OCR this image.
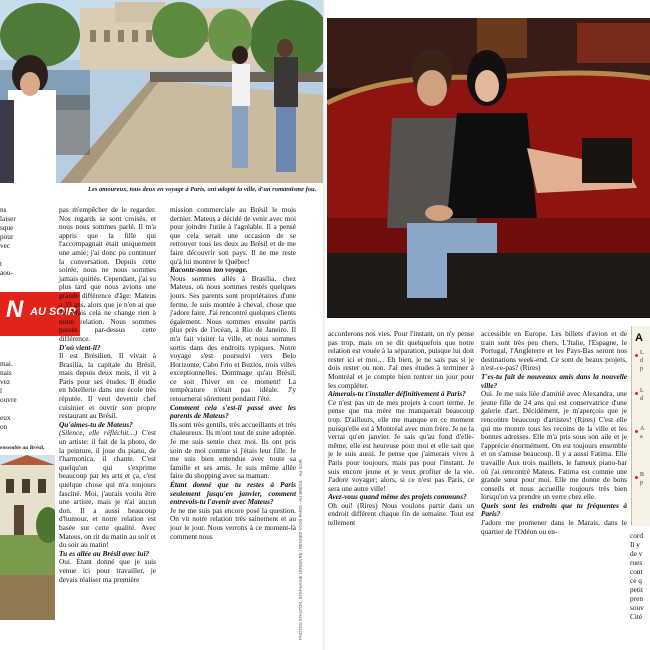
Les amoureux, tous deux en voyage à Paris, ont adopté la ville, d'un romantisme fou.
ns
laiser
sque
pour
vec
t
aou-
mai.
nais
vez
l
ouvre
eux
on
N AU SOIR
ensemble au Brésil,

pas m'empêcher de le regarder. Nos regards se sont croisés, et nous nous sommes parlé. Il m'a appris que la fille qui l'accompagnait était uniquement une amie; j'ai donc pu continuer la conversation. Depuis cette soirée, nous ne nous sommes jamais quittés. Cependant, j'ai su plus tard que nous avions une grande différence d'âge: Mateus a 33 ans, alors que je n'en ai que 20. Mais cela ne change rien à notre relation. Nous sommes passés par-dessus cette différence.

D'où vient-il?

Il est Brésilien. Il vivait à Brasília, la capitale du Brésil, mais depuis deux mois, il vit à Paris pour ses études. Il étudie en hôtellerie dans une école très réputée. Il veut devenir chef cuisinier et ouvrir son propre restaurant au Brésil.

Qu'aimes-tu de Mateus?

(Silence, elle réfléchit…) C'est un artiste: il fait de la photo, de la peinture, il joue du piano, de l'harmonica, il chante. C'est quelqu'un qui s'exprime beaucoup par les arts et ça, c'est quelque chose qui m'a toujours fasciné. Moi, j'aurais voulu être une artiste, mais je n'ai aucun don. Il a aussi beaucoup d'humour, et notre relation est basée sur cette qualité. Avec Mateus, on rit du matin au soir et du soir au matin!

Tu es allée au Brésil avec lui?

Oui. Étant donné que je suis venue ici pour travailler, je devais réaliser ma première

mission commerciale au Brésil le mois dernier. Mateus a décidé de venir avec moi pour joindre l'utile à l'agréable. Il a pensé que cela serait une occasion de se retrouver tous les deux au Brésil et de me faire découvrir son pays. Il ne me reste qu'à lui montrer le Québec!

Raconte-nous ton voyage.

Nous sommes allés à Brasília, chez Mateus, où nous sommes restés quelques jours. Ses parents sont propriétaires d'une ferme. Je suis montée à cheval, chose que j'adore faire. J'ai rencontré quelques clients également. Nous sommes ensuite partis plus près de l'océan, à Rio de Janeiro. Il m'a fait visiter la ville, et nous sommes sortis dans des endroits typiques. Notre voyage s'est poursuivi vers Belo Horizonte, Cabo Frio et Buzios, trois villes exceptionnelles. Dommage qu'au Brésil, ce soit l'hiver en ce moment! La température n'était pas idéale. J'y retournerai sûrement pendant l'été.

Comment cela s'est-il passé avec les parents de Mateus?

Ils sont très gentils, très accueillants et très chaleureux. Ils m'ont tout de suite adoptée. Je me suis sentie chez moi. Ils ont pris soin de moi comme si j'étais leur fille. Je me suis bien entendue avec toute sa famille et ses amis. Je suis même allée faire du shopping avec sa maman.

Étant donné que tu restes à Paris seulement jusqu'en janvier, comment entrevois-tu l'avenir avec Mateus?

Je ne me suis pas encore posé la question. On vit notre relation très sainement et au jour le jour. Nous verrons à ce moment-là comment nous	PHOTOS STANTON, STEPHANIE LEFEBVRE / RENDEZ-VOUS PARIS · AU BRÉSIL · AU SOIR

accorderons nos vies. Pour l'instant, on n'y pense pas trop, mais on se dit quelquefois que notre relation est vouée à la séparation, puisque lui doit rester ici et moi… Eh bien, je ne sais pas si je dois rester ou non. J'ai mes études à terminer à Montréal et je compte bien rentrer un jour pour les compléter.

Aimerais-tu t'installer définitivement à Paris?

Ce n'est pas un de mes projets à court terme. Je pense que ma mère me manquerait beaucoup trop. D'ailleurs, elle me manque en ce moment puisqu'elle est à Montréal avec mon frère. Je ne la verrai qu'en janvier. Je sais qu'au fond d'elle-même, elle est heureuse pour moi et elle sait que je le suis aussi. Je pense que j'aimerais vivre à Paris pour toujours, mais pas pour l'instant. Je suis encore jeune et je veux profiter de la vie. J'adore voyager; alors, si ce n'est pas Paris, ce sera une autre ville!

Avez-vous quand même des projets communs?

Oh oui! (Rires) Nous voulons partir dans un endroit différent chaque fin de semaine. Tout est tellement

accessible en Europe. Les billets d'avion et de train sont très peu chers. L'Italie, l'Espagne, le Portugal, l'Angleterre et les Pays-Bas seront nos destinations week-end. Ce sont de beaux projets, n'est-ce-pas? (Rires)

T'es-tu fait de nouveaux amis dans la nouvelle ville?

Oui. Je me suis liée d'amitié avec Alexandra, une jeune fille de 24 ans qui est conservatrice d'une galerie d'art. Décidément, je m'aperçois que je rencontre beaucoup d'artistes! (Rires) C'est elle qui me montre tous les recoins de la ville et les bonnes adresses. Elle m'a pris sous son aile et je l'apprécie énormément. On est toujours ensemble et on s'amuse beaucoup. Il y a aussi Fatima. Elle travaille Aux trois maillets, le fameux piano-bar où j'ai rencontré Mateus. Fatima est comme une grande sœur pour moi. Elle me donne de bons conseils et nous accueille toujours très bien lorsqu'on va prendre un verre chez elle.

Quels sont les endroits que tu fréquentes à Paris?

J'adore me promener dans le Marais, dans le quartier de l'Odéon ou en-	cord
Il y
de v
rues
cont
ce q
petit
pren
souv
Cité
A
L
d
p
L
d
A
a
B
p
